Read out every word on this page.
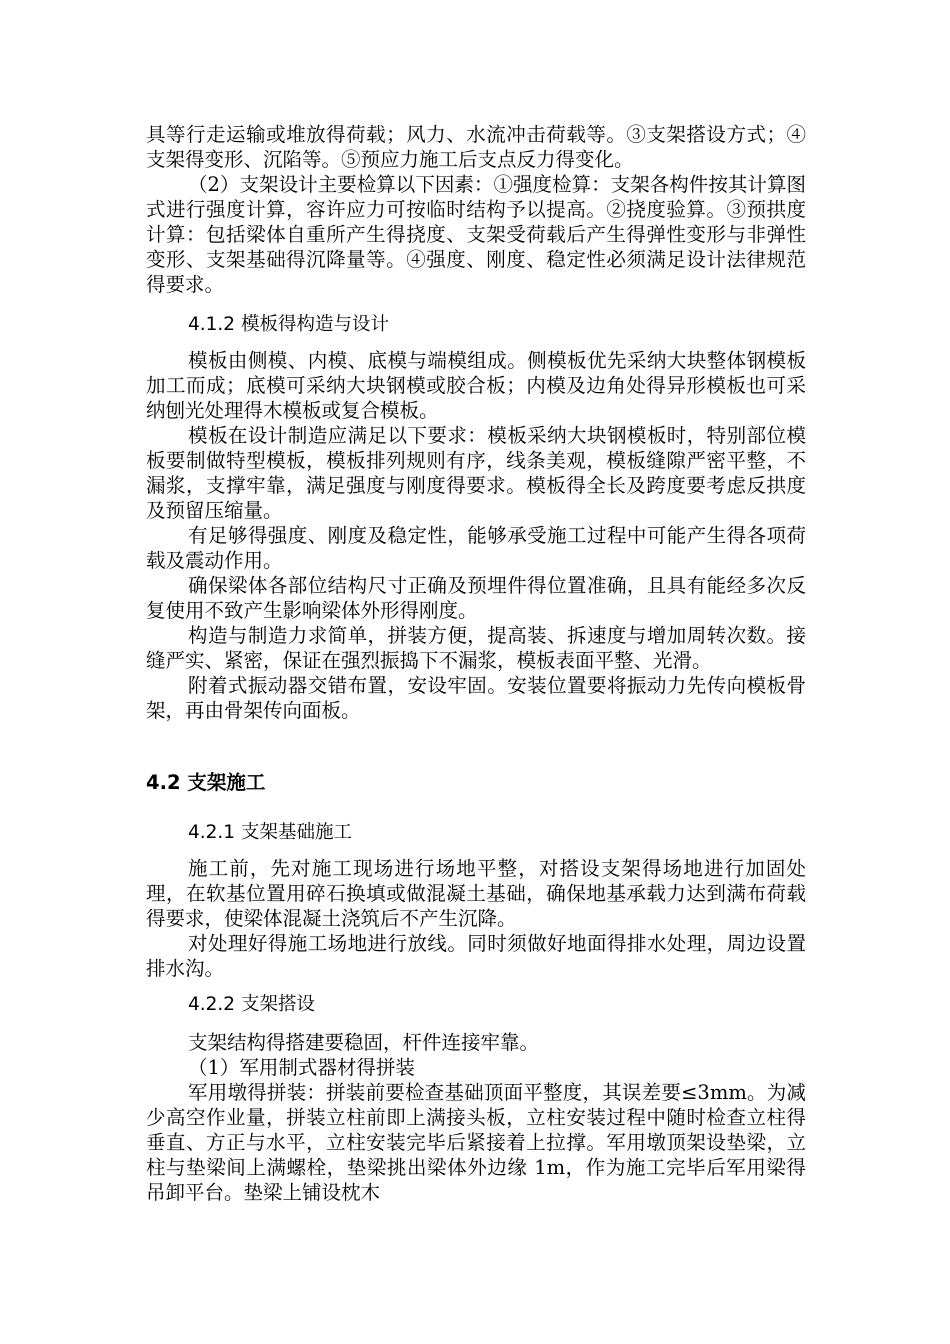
具等行走运输或堆放得荷载；风力、水流冲击荷载等。③支架搭设方式；④支架得变形、沉陷等。⑤预应力施工后支点反力得变化。

（2）支架设计主要检算以下因素：①强度检算：支架各构件按其计算图式进行强度计算，容许应力可按临时结构予以提高。②挠度验算。③预拱度计算：包括梁体自重所产生得挠度、支架受荷载后产生得弹性变形与非弹性变形、支架基础得沉降量等。④强度、刚度、稳定性必须满足设计法律规范得要求。

4.1.2 模板得构造与设计

模板由侧模、内模、底模与端模组成。侧模板优先采纳大块整体钢模板加工而成；底模可采纳大块钢模或胶合板；内模及边角处得异形模板也可采纳刨光处理得木模板或复合模板。

模板在设计制造应满足以下要求：模板采纳大块钢模板时，特别部位模板要制做特型模板，模板排列规则有序，线条美观，模板缝隙严密平整，不漏浆，支撑牢靠，满足强度与刚度得要求。模板得全长及跨度要考虑反拱度及预留压缩量。

有足够得强度、刚度及稳定性，能够承受施工过程中可能产生得各项荷载及震动作用。

确保梁体各部位结构尺寸正确及预埋件得位置准确，且具有能经多次反复使用不致产生影响梁体外形得刚度。

构造与制造力求简单，拼装方便，提高装、拆速度与增加周转次数。接缝严实、紧密，保证在强烈振捣下不漏浆，模板表面平整、光滑。

附着式振动器交错布置，安设牢固。安装位置要将振动力先传向模板骨架，再由骨架传向面板。

4.2 支架施工

4.2.1 支架基础施工

施工前，先对施工现场进行场地平整，对搭设支架得场地进行加固处理，在软基位置用碎石换填或做混凝土基础，确保地基承载力达到满布荷载得要求，使梁体混凝土浇筑后不产生沉降。

对处理好得施工场地进行放线。同时须做好地面得排水处理，周边设置排水沟。

4.2.2 支架搭设

支架结构得搭建要稳固，杆件连接牢靠。

（1）军用制式器材得拼装

军用墩得拼装：拼装前要检查基础顶面平整度，其误差要≤3mm。为减少高空作业量，拼装立柱前即上满接头板，立柱安装过程中随时检查立柱得垂直、方正与水平，立柱安装完毕后紧接着上拉撑。军用墩顶架设垫梁，立柱与垫梁间上满螺栓，垫梁挑出梁体外边缘 1m，作为施工完毕后军用梁得吊卸平台。垫梁上铺设枕木
